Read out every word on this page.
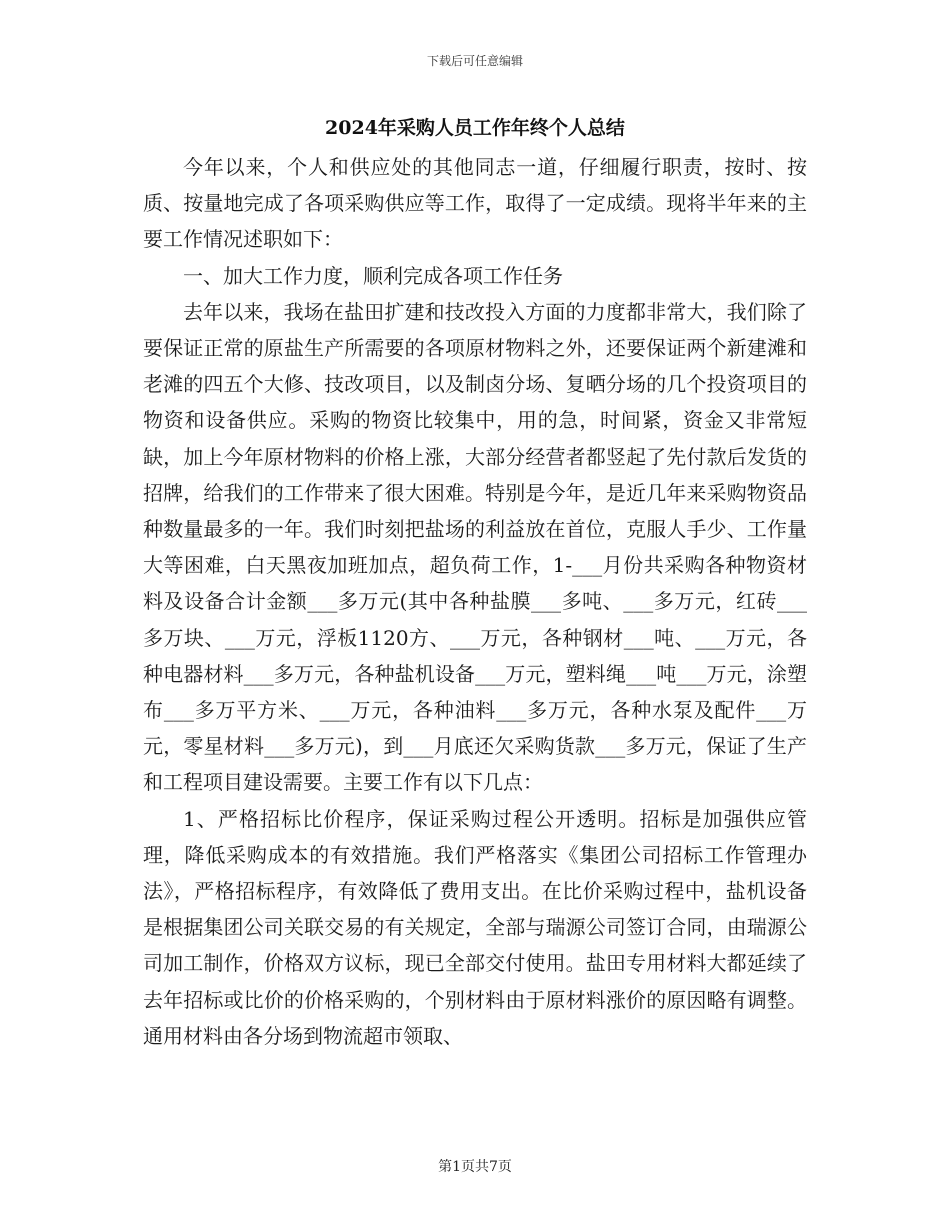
下载后可任意编辑
2024年采购人员工作年终个人总结

今年以来，个人和供应处的其他同志一道，仔细履行职责，按时、按质、按量地完成了各项采购供应等工作，取得了一定成绩。现将半年来的主要工作情况述职如下：

一、加大工作力度，顺利完成各项工作任务

去年以来，我场在盐田扩建和技改投入方面的力度都非常大，我们除了要保证正常的原盐生产所需要的各项原材物料之外，还要保证两个新建滩和老滩的四五个大修、技改项目，以及制卤分场、复晒分场的几个投资项目的物资和设备供应。采购的物资比较集中，用的急，时间紧，资金又非常短缺，加上今年原材物料的价格上涨，大部分经营者都竖起了先付款后发货的招牌，给我们的工作带来了很大困难。特别是今年，是近几年来采购物资品种数量最多的一年。我们时刻把盐场的利益放在首位，克服人手少、工作量大等困难，白天黑夜加班加点，超负荷工作，1-___月份共采购各种物资材料及设备合计金额___多万元(其中各种盐膜___多吨、___多万元，红砖___多万块、___万元，浮板1120方、___万元，各种钢材___吨、___万元，各种电器材料___多万元，各种盐机设备___万元，塑料绳___吨___万元，涂塑布___多万平方米、___万元，各种油料___多万元，各种水泵及配件___万元，零星材料___多万元)，到___月底还欠采购货款___多万元，保证了生产和工程项目建设需要。主要工作有以下几点：

1、严格招标比价程序，保证采购过程公开透明。招标是加强供应管理，降低采购成本的有效措施。我们严格落实《集团公司招标工作管理办法》，严格招标程序，有效降低了费用支出。在比价采购过程中，盐机设备是根据集团公司关联交易的有关规定，全部与瑞源公司签订合同，由瑞源公司加工制作，价格双方议标，现已全部交付使用。盐田专用材料大都延续了去年招标或比价的价格采购的，个别材料由于原材料涨价的原因略有调整。通用材料由各分场到物流超市领取、

第1页共7页
